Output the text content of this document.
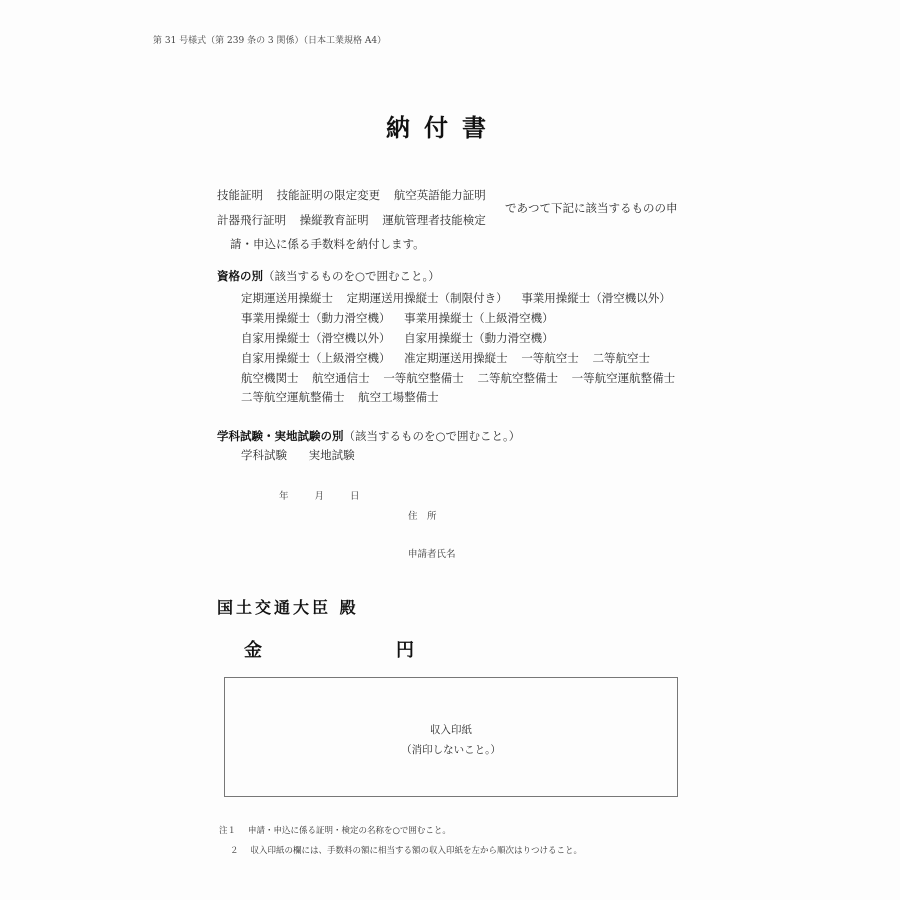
第 31 号様式（第 239 条の 3 関係）（日本工業規格 A4）
納付書
技能証明 技能証明の限定変更 航空英語能力証明
計器飛行証明 操縦教育証明 運航管理者技能検定
であつて下記に該当するものの申
請・申込に係る手数料を納付します。
資格の別（該当するものを○で囲むこと。）
定期運送用操縦士 定期運送用操縦士（制限付き） 事業用操縦士（滑空機以外）
事業用操縦士（動力滑空機） 事業用操縦士（上級滑空機）
自家用操縦士（滑空機以外） 自家用操縦士（動力滑空機）
自家用操縦士（上級滑空機） 准定期運送用操縦士 一等航空士 二等航空士
航空機関士 航空通信士 一等航空整備士 二等航空整備士 一等航空運航整備士
二等航空運航整備士 航空工場整備士
学科試験・実地試験の別（該当するものを○で囲むこと。）
学科試験 実地試験
年	月	日
住　所
申請者氏名
国土交通大臣 殿
金	円
収入印紙
（消印しないこと。）
注１ 申請・申込に係る証明・検定の名称を○で囲むこと。
２ 収入印紙の欄には、手数料の額に相当する額の収入印紙を左から順次はりつけること。
